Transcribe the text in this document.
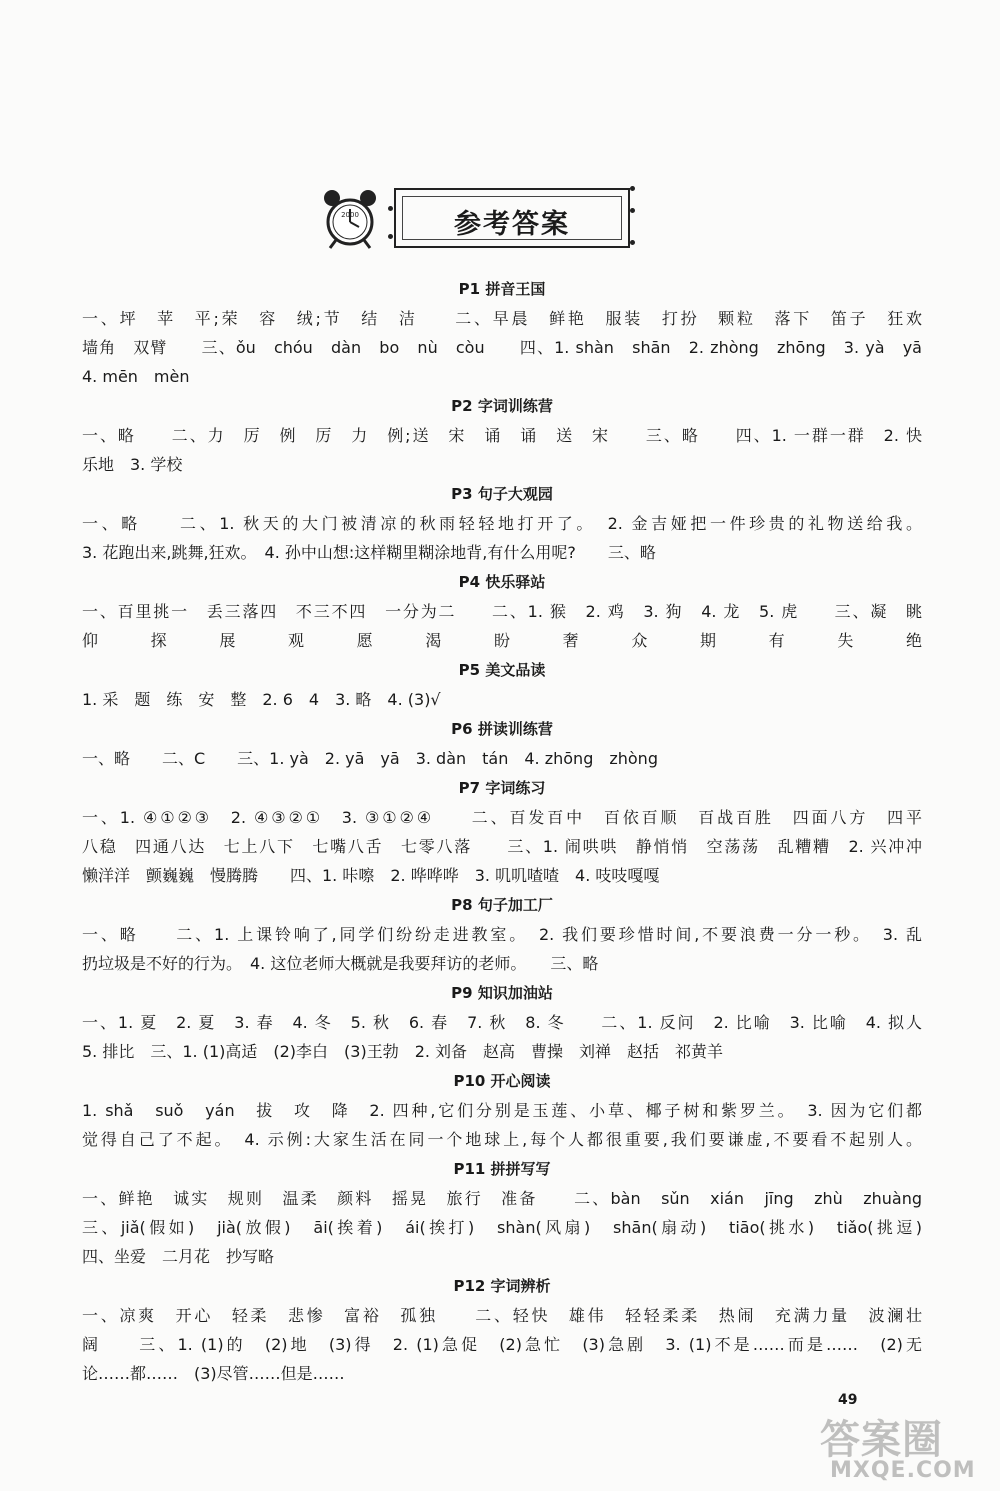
2000	参考答案
P1 拼音王国
一、坪　苹　平;荣　容　绒;节　结　洁　　二、早晨　鲜艳　服装　打扮　颗粒　落下　笛子　狂欢
墙角　双臂　　三、ǒu　chóu　dàn　bo　nù　còu　　四、1. shàn　shān　2. zhòng　zhōng　3. yà　yā
4. mēn　mèn
P2 字词训练营
一、略　　二、力　厉　例　厉　力　例;送　宋　诵　诵　送　宋　　三、略　　四、1. 一群一群　2. 快
乐地　3. 学校
P3 句子大观园
一、略　　二、1. 秋天的大门被清凉的秋雨轻轻地打开了。　2. 金吉娅把一件珍贵的礼物送给我。
3. 花跑出来,跳舞,狂欢。　4. 孙中山想:这样糊里糊涂地背,有什么用呢?　　三、略
P4 快乐驿站
一、百里挑一　丢三落四　不三不四　一分为二　　二、1. 猴　2. 鸡　3. 狗　4. 龙　5. 虎　　三、凝　眺
仰　探　展　观　愿　渴　盼　奢　众　期　有　失　绝
P5 美文品读
1. 采　题　练　安　整　2. 6　4　3. 略　4. (3)√
P6 拼读训练营
一、略　　二、C　　三、1. yà　2. yā　yā　3. dàn　tán　4. zhōng　zhòng
P7 字词练习
一、1. ④①②③　2. ④③②①　3. ③①②④　　二、百发百中　百依百顺　百战百胜　四面八方　四平
八稳　四通八达　七上八下　七嘴八舌　七零八落　　三、1. 闹哄哄　静悄悄　空荡荡　乱糟糟　2. 兴冲冲
懒洋洋　颤巍巍　慢腾腾　　四、1. 咔嚓　2. 哗哗哗　3. 叽叽喳喳　4. 吱吱嘎嘎
P8 句子加工厂
一、略　　二、1. 上课铃响了,同学们纷纷走进教室。　2. 我们要珍惜时间,不要浪费一分一秒。　3. 乱
扔垃圾是不好的行为。　4. 这位老师大概就是我要拜访的老师。　　三、略
P9 知识加油站
一、1. 夏　2. 夏　3. 春　4. 冬　5. 秋　6. 春　7. 秋　8. 冬　　二、1. 反问　2. 比喻　3. 比喻　4. 拟人
5. 排比　三、1. (1)高适　(2)李白　(3)王勃　2. 刘备　赵高　曹操　刘禅　赵括　祁黄羊
P10 开心阅读
1. shǎ　suǒ　yán　拔　攻　降　2. 四种,它们分别是玉莲、小草、椰子树和紫罗兰。　3. 因为它们都
觉得自己了不起。　4. 示例:大家生活在同一个地球上,每个人都很重要,我们要谦虚,不要看不起别人。
P11 拼拼写写
一、鲜艳　诚实　规则　温柔　颜料　摇晃　旅行　准备　　二、bàn　sǔn　xián　jīng　zhù　zhuàng
三、jiǎ(假如)　jià(放假)　āi(挨着)　ái(挨打)　shàn(风扇)　shān(扇动)　tiāo(挑水)　tiǎo(挑逗)
四、坐爱　二月花　抄写略
P12 字词辨析
一、凉爽　开心　轻柔　悲惨　富裕　孤独　　二、轻快　雄伟　轻轻柔柔　热闹　充满力量　波澜壮
阔　　三、1. (1)的　(2)地　(3)得　2. (1)急促　(2)急忙　(3)急剧　3. (1)不是……而是……　(2)无
论……都……　(3)尽管……但是……
49
答案圈
MXQE.COM
